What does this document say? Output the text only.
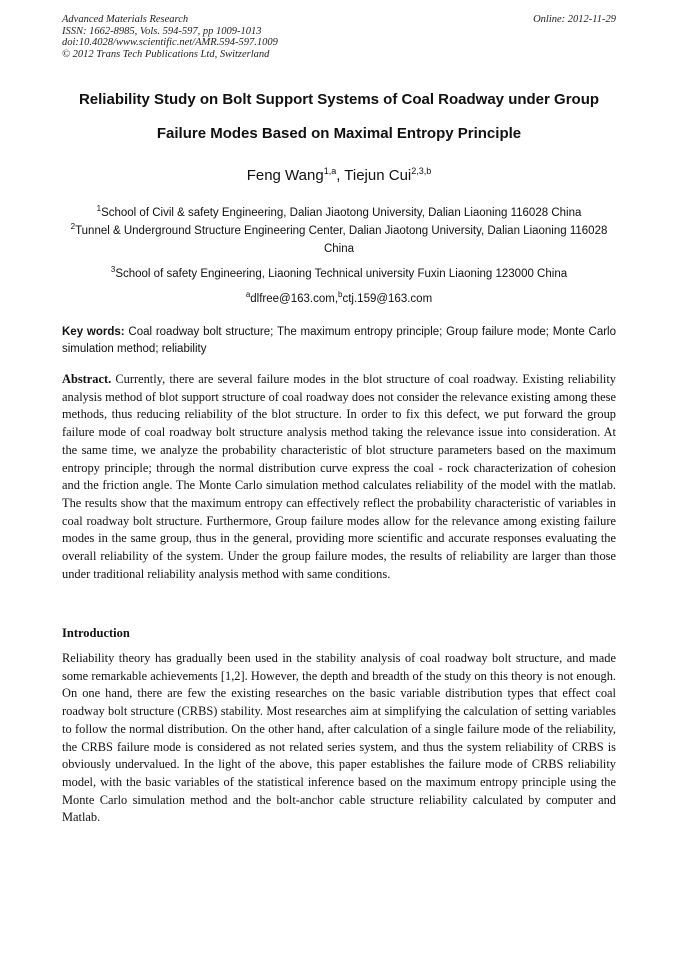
Advanced Materials Research
ISSN: 1662-8985, Vols. 594-597, pp 1009-1013
doi:10.4028/www.scientific.net/AMR.594-597.1009
© 2012 Trans Tech Publications Ltd, Switzerland
Online: 2012-11-29
Reliability Study on Bolt Support Systems of Coal Roadway under Group
Failure Modes Based on Maximal Entropy Principle
Feng Wang$^{1,a}$, Tiejun Cui$^{2,3,b}$
$^1$School of Civil & safety Engineering, Dalian Jiaotong University, Dalian Liaoning 116028 China
$^2$Tunnel & Underground Structure Engineering Center, Dalian Jiaotong University, Dalian Liaoning 116028 China
$^3$School of safety Engineering, Liaoning Technical university Fuxin Liaoning 123000 China
$^a$dlfree@163.com,$^b$ctj.159@163.com
Key words: Coal roadway bolt structure; The maximum entropy principle; Group failure mode; Monte Carlo simulation method; reliability
Abstract. Currently, there are several failure modes in the blot structure of coal roadway. Existing reliability analysis method of blot support structure of coal roadway does not consider the relevance existing among these methods, thus reducing reliability of the blot structure. In order to fix this defect, we put forward the group failure mode of coal roadway bolt structure analysis method taking the relevance issue into consideration. At the same time, we analyze the probability characteristic of blot structure parameters based on the maximum entropy principle; through the normal distribution curve express the coal - rock characterization of cohesion and the friction angle. The Monte Carlo simulation method calculates reliability of the model with the matlab. The results show that the maximum entropy can effectively reflect the probability characteristic of variables in coal roadway bolt structure. Furthermore, Group failure modes allow for the relevance among existing failure modes in the same group, thus in the general, providing more scientific and accurate responses evaluating the overall reliability of the system. Under the group failure modes, the results of reliability are larger than those under traditional reliability analysis method with same conditions.
Introduction
Reliability theory has gradually been used in the stability analysis of coal roadway bolt structure, and made some remarkable achievements [1,2]. However, the depth and breadth of the study on this theory is not enough. On one hand, there are few the existing researches on the basic variable distribution types that effect coal roadway bolt structure (CRBS) stability. Most researches aim at simplifying the calculation of setting variables to follow the normal distribution. On the other hand, after calculation of a single failure mode of the reliability, the CRBS failure mode is considered as not related series system, and thus the system reliability of CRBS is obviously undervalued. In the light of the above, this paper establishes the failure mode of CRBS reliability model, with the basic variables of the statistical inference based on the maximum entropy principle using the Monte Carlo simulation method and the bolt-anchor cable structure reliability calculated by computer and Matlab.
